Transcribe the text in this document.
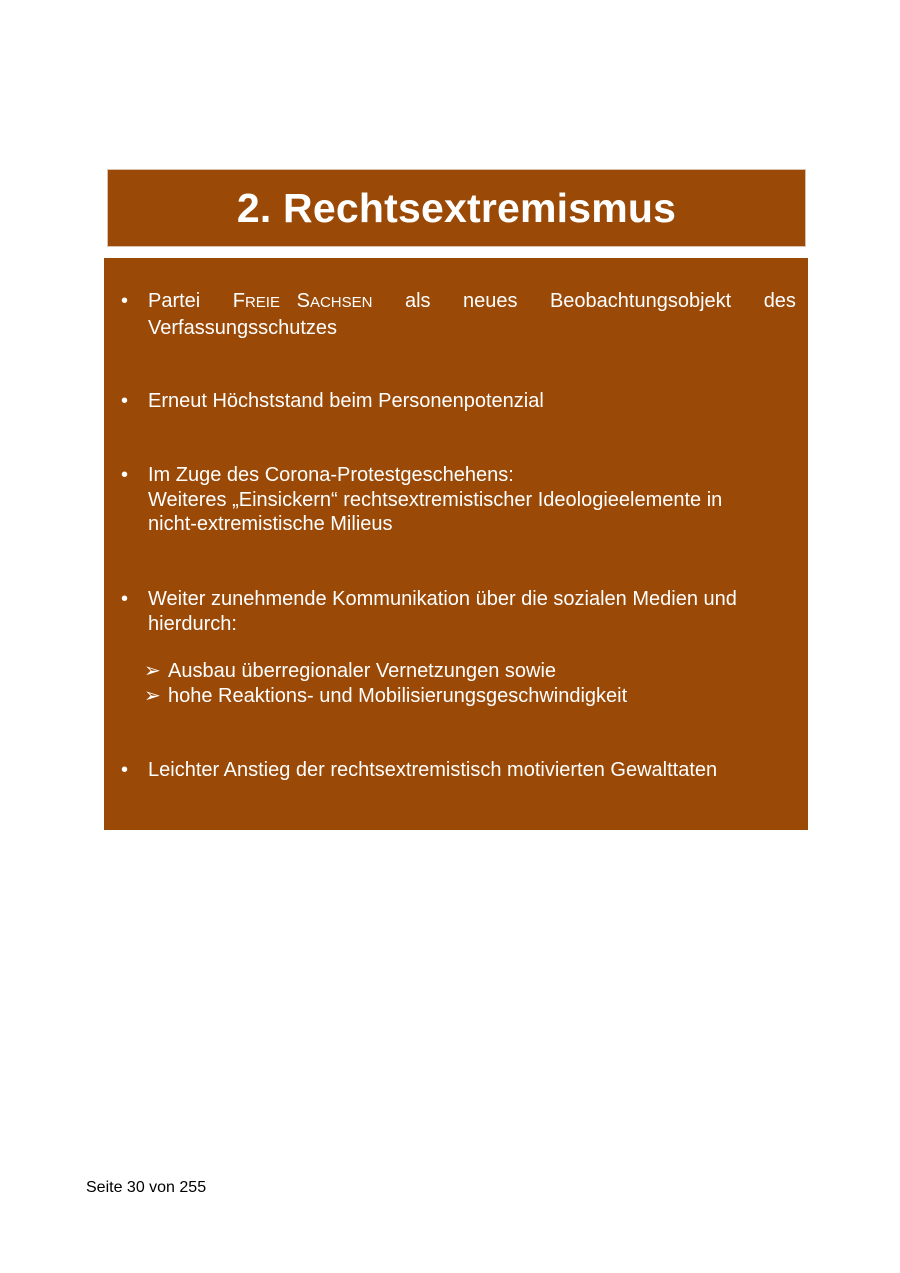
2. Rechtsextremismus
• Partei FREIE SACHSEN als neues Beobachtungsobjekt des
Verfassungsschutzes
• Erneut Höchststand beim Personenpotenzial
• Im Zuge des Corona-Protestgeschehens:
Weiteres „Einsickern“ rechtsextremistischer Ideologieelemente in
nicht-extremistische Milieus
• Weiter zunehmende Kommunikation über die sozialen Medien und
hierdurch:
➢ Ausbau überregionaler Vernetzungen sowie
➢ hohe Reaktions- und Mobilisierungsgeschwindigkeit
• Leichter Anstieg der rechtsextremistisch motivierten Gewalttaten
Seite 30 von 255
